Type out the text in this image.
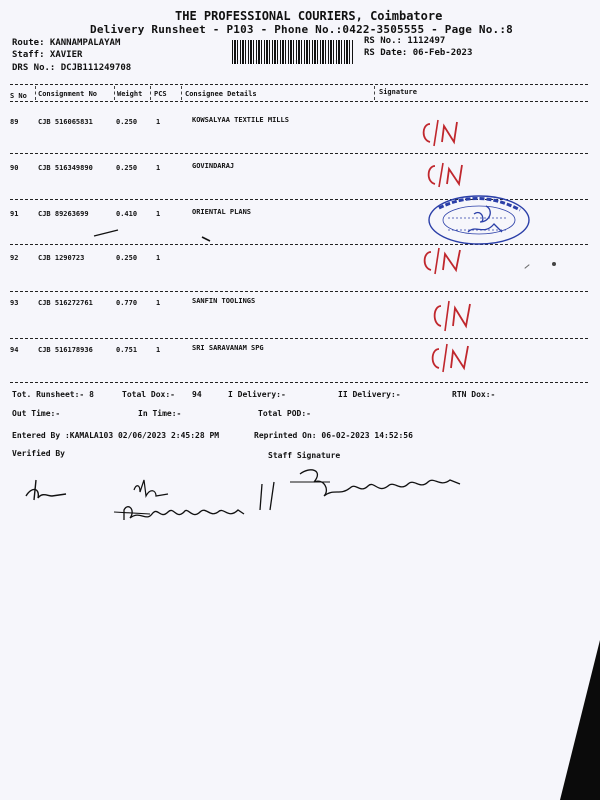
THE PROFESSIONAL COURIERS, Coimbatore
Delivery Runsheet - P103 - Phone No.:0422-3505555 - Page No.:8
Route: KANNAMPALAYAM
Staff: XAVIER
DRS No.: DCJB111249708
RS No.: 1112497
RS Date: 06-Feb-2023
S No Consignment No	Weight PCS	Consignee Details	Signature
89	CJB 516065831	0.250	1	KOWSALYAA TEXTILE MILLS
90	CJB 516349890	0.250	1	GOVINDARAJ
91	CJB 89263699	0.410	1	ORIENTAL PLANS
92	CJB 1290723	0.250	1
93	CJB 516272761	0.770	1	SANFIN TOOLINGS
94	CJB 516178936	0.751	1	SRI SARAVANAM SPG
Tot. Runsheet:- 8	Total Dox:- 94	I Delivery:-	II Delivery:-	RTN Dox:-
Out Time:-	In Time:-	Total POD:-
Entered By :KAMALA103 02/06/2023 2:45:28 PM	Reprinted On: 06-02-2023 14:52:56
Verified By	Staff Signature
